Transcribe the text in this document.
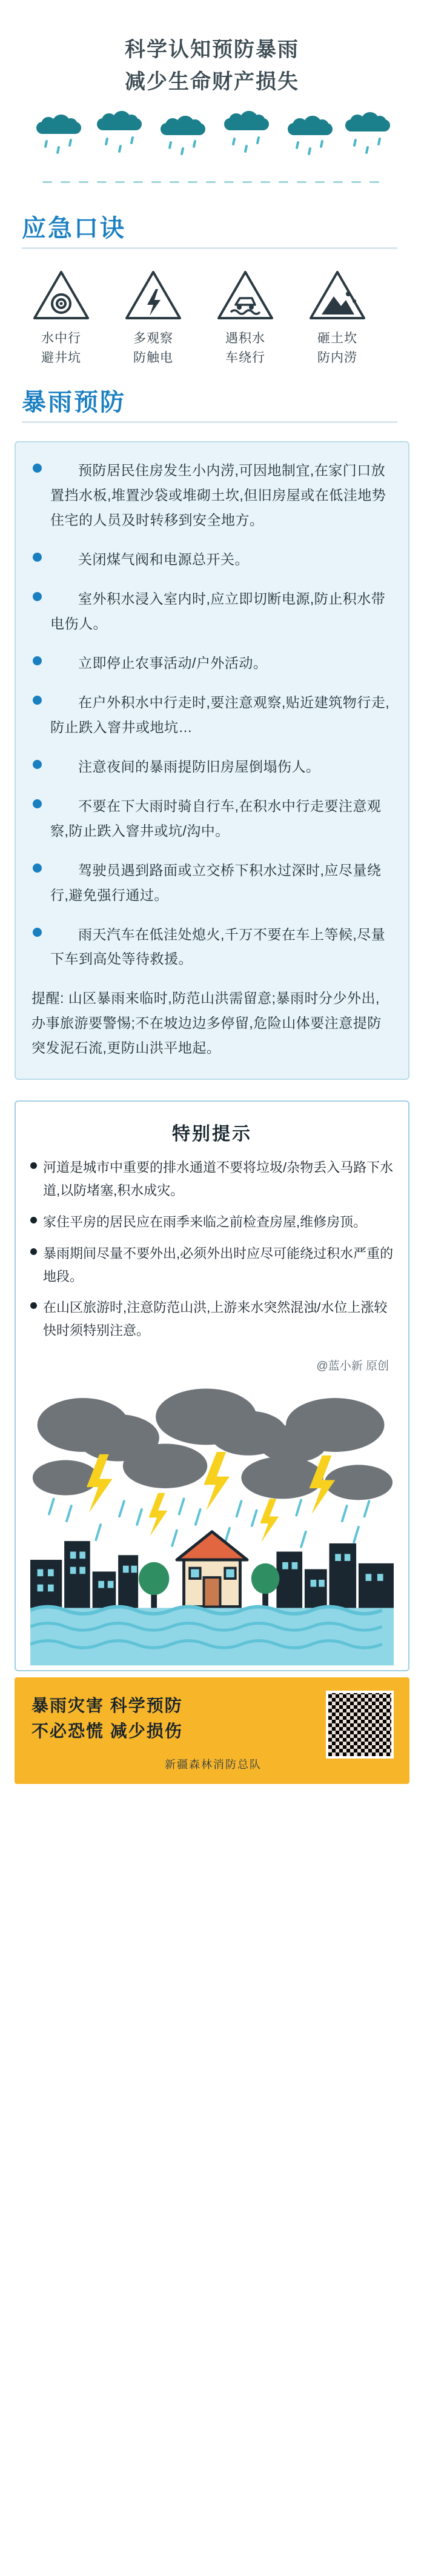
科学认知预防暴雨
减少生命财产损失
应急口诀
水中行
避井坑
多观察
防触电
遇积水
车绕行
砸土坎
防内涝
暴雨预防
预防居民住房发生小内涝,可因地制宜,在家门口放置挡水板,堆置沙袋或堆砌土坎,但旧房屋或在低洼地势住宅的人员及时转移到安全地方。
关闭煤气阀和电源总开关。
室外积水浸入室内时,应立即切断电源,防止积水带电伤人。
立即停止农事活动/户外活动。
在户外积水中行走时,要注意观察,贴近建筑物行走,防止跌入窨井或地坑…
注意夜间的暴雨提防旧房屋倒塌伤人。
不要在下大雨时骑自行车,在积水中行走要注意观察,防止跌入窨井或坑/沟中。
驾驶员遇到路面或立交桥下积水过深时,应尽量绕行,避免强行通过。
雨天汽车在低洼处熄火,千万不要在车上等候,尽量下车到高处等待救援。
提醒: 山区暴雨来临时,防范山洪需留意;暴雨时分少外出,办事旅游要警惕;不在坡边边多停留,危险山体要注意提防突发泥石流,更防山洪平地起。
特别提示
河道是城市中重要的排水通道不要将垃圾/杂物丢入马路下水道,以防堵塞,积水成灾。
家住平房的居民应在雨季来临之前检查房屋,维修房顶。
暴雨期间尽量不要外出,必须外出时应尽可能绕过积水严重的地段。
在山区旅游时,注意防范山洪,上游来水突然混浊/水位上涨较快时须特别注意。
@蓝小新 原创
暴雨灾害 科学预防
不必恐慌 减少损伤
新疆森林消防总队
